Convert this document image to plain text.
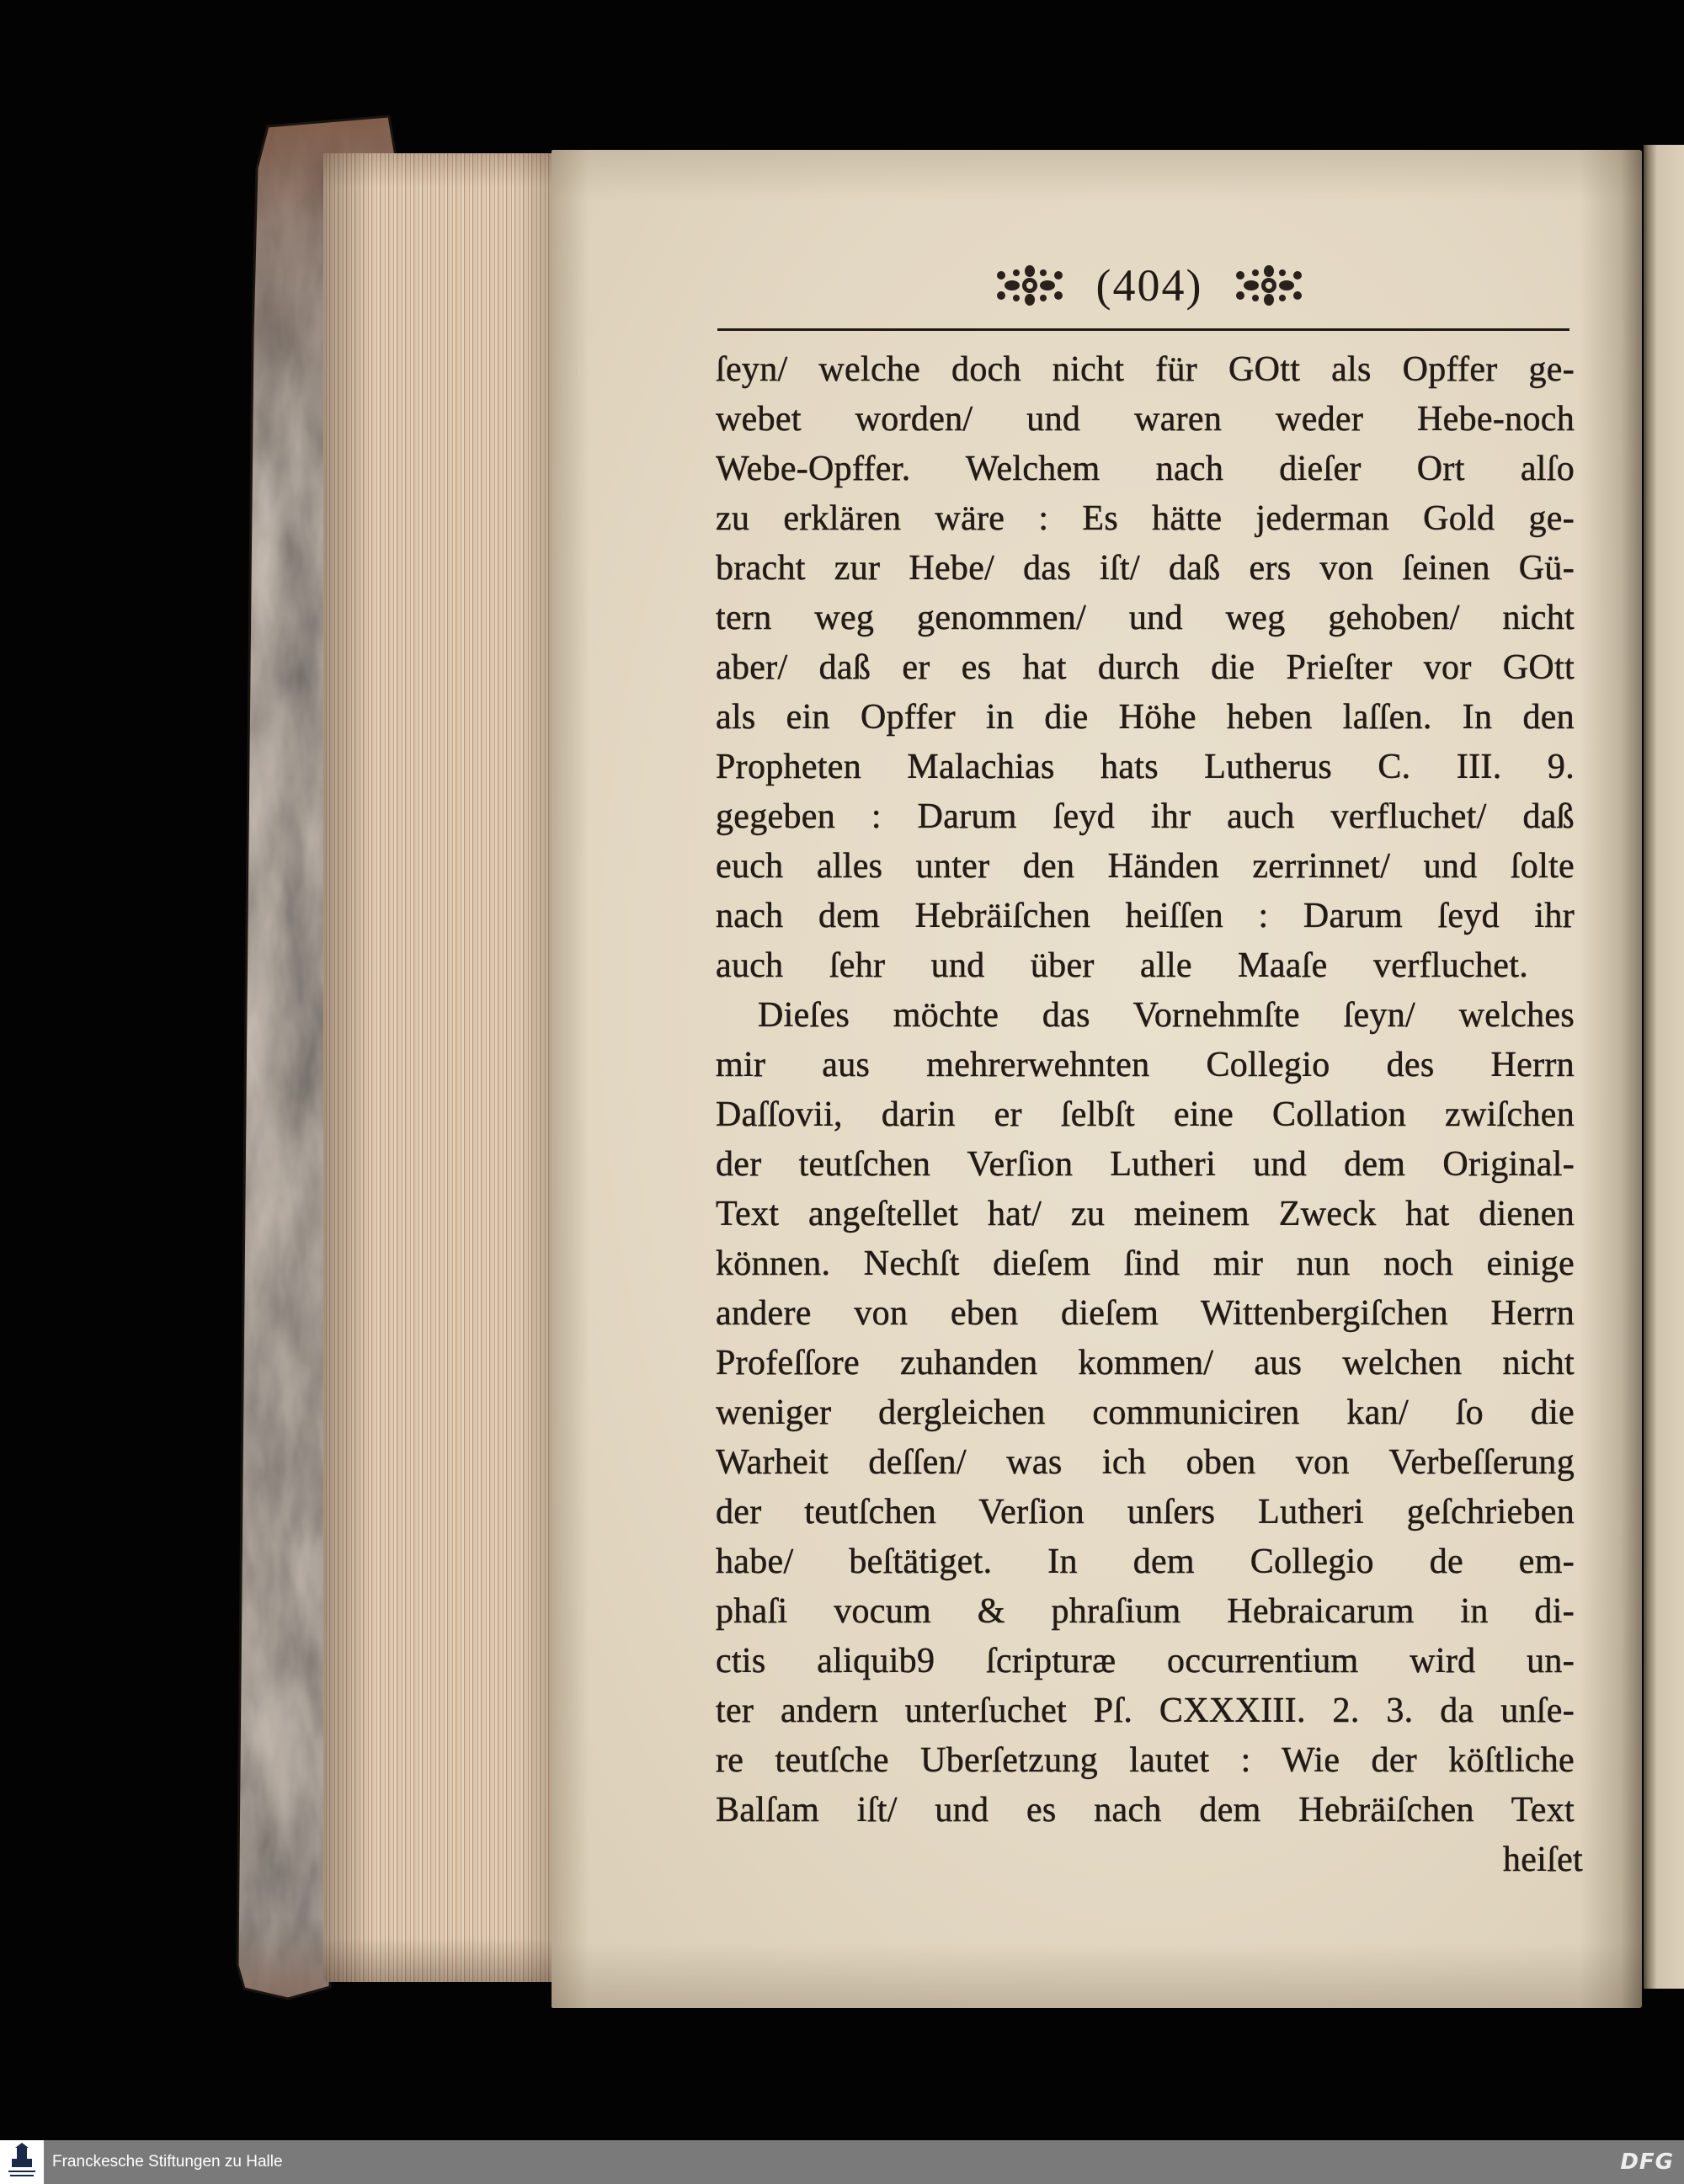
(404)
ſeyn/ welche doch nicht für GOtt als Opffer ge-
webet worden/ und waren weder Hebe-noch
Webe-Opffer. Welchem nach dieſer Ort alſo
zu erklären wäre : Es hätte jederman Gold ge-
bracht zur Hebe/ das iſt/ daß ers von ſeinen Gü-
tern weg genommen/ und weg gehoben/ nicht
aber/ daß er es hat durch die Prieſter vor GOtt
als ein Opffer in die Höhe heben laſſen. In den
Propheten Malachias hats Lutherus C. III. 9.
gegeben : Darum ſeyd ihr auch verfluchet/ daß
euch alles unter den Händen zerrinnet/ und ſolte
nach dem Hebräiſchen heiſſen : Darum ſeyd ihr
auch ſehr und über alle Maaſe verfluchet.
Dieſes möchte das Vornehmſte ſeyn/ welches
mir aus mehrerwehnten Collegio des Herrn
Daſſovii, darin er ſelbſt eine Collation zwiſchen
der teutſchen Verſion Lutheri und dem Original-
Text angeſtellet hat/ zu meinem Zweck hat dienen
können. Nechſt dieſem ſind mir nun noch einige
andere von eben dieſem Wittenbergiſchen Herrn
Profeſſore zuhanden kommen/ aus welchen nicht
weniger dergleichen communiciren kan/ ſo die
Warheit deſſen/ was ich oben von Verbeſſerung
der teutſchen Verſion unſers Lutheri geſchrieben
habe/ beſtätiget. In dem Collegio de em-
phaſi vocum & phraſium Hebraicarum in di-
ctis aliquib9 ſcripturæ occurrentium wird un-
ter andern unterſuchet Pſ. CXXXIII. 2. 3. da unſe-
re teutſche Uberſetzung lautet : Wie der köſtliche
Balſam iſt/ und es nach dem Hebräiſchen Text
heiſet
Franckesche Stiftungen zu Halle	DFG
